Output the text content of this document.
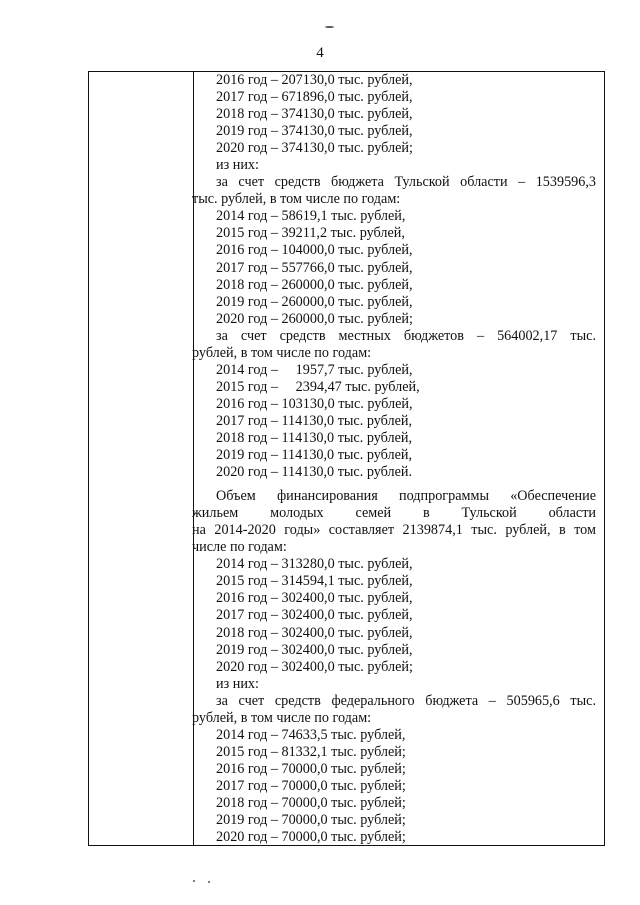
4
2016 год – 207130,0 тыс. рублей,
2017 год – 671896,0 тыс. рублей,
2018 год – 374130,0 тыс. рублей,
2019 год – 374130,0 тыс. рублей,
2020 год – 374130,0 тыс. рублей;
из них:
за счет средств бюджета Тульской области – 1539596,3
тыс. рублей, в том числе по годам:
2014 год – 58619,1 тыс. рублей,
2015 год – 39211,2 тыс. рублей,
2016 год – 104000,0 тыс. рублей,
2017 год – 557766,0 тыс. рублей,
2018 год – 260000,0 тыс. рублей,
2019 год – 260000,0 тыс. рублей,
2020 год – 260000,0 тыс. рублей;
за счет средств местных бюджетов – 564002,17 тыс.
рублей, в том числе по годам:
2014 год –     1957,7 тыс. рублей,
2015 год –     2394,47 тыс. рублей,
2016 год – 103130,0 тыс. рублей,
2017 год – 114130,0 тыс. рублей,
2018 год – 114130,0 тыс. рублей,
2019 год – 114130,0 тыс. рублей,
2020 год – 114130,0 тыс. рублей.
Объем финансирования подпрограммы «Обеспечение
жильем молодых семей в Тульской области
на 2014-2020 годы» составляет 2139874,1 тыс. рублей, в том
числе по годам:
2014 год – 313280,0 тыс. рублей,
2015 год – 314594,1 тыс. рублей,
2016 год – 302400,0 тыс. рублей,
2017 год – 302400,0 тыс. рублей,
2018 год – 302400,0 тыс. рублей,
2019 год – 302400,0 тыс. рублей,
2020 год – 302400,0 тыс. рублей;
из них:
за счет средств федерального бюджета – 505965,6 тыс.
рублей, в том числе по годам:
2014 год – 74633,5 тыс. рублей,
2015 год – 81332,1 тыс. рублей;
2016 год – 70000,0 тыс. рублей;
2017 год – 70000,0 тыс. рублей;
2018 год – 70000,0 тыс. рублей;
2019 год – 70000,0 тыс. рублей;
2020 год – 70000,0 тыс. рублей;
